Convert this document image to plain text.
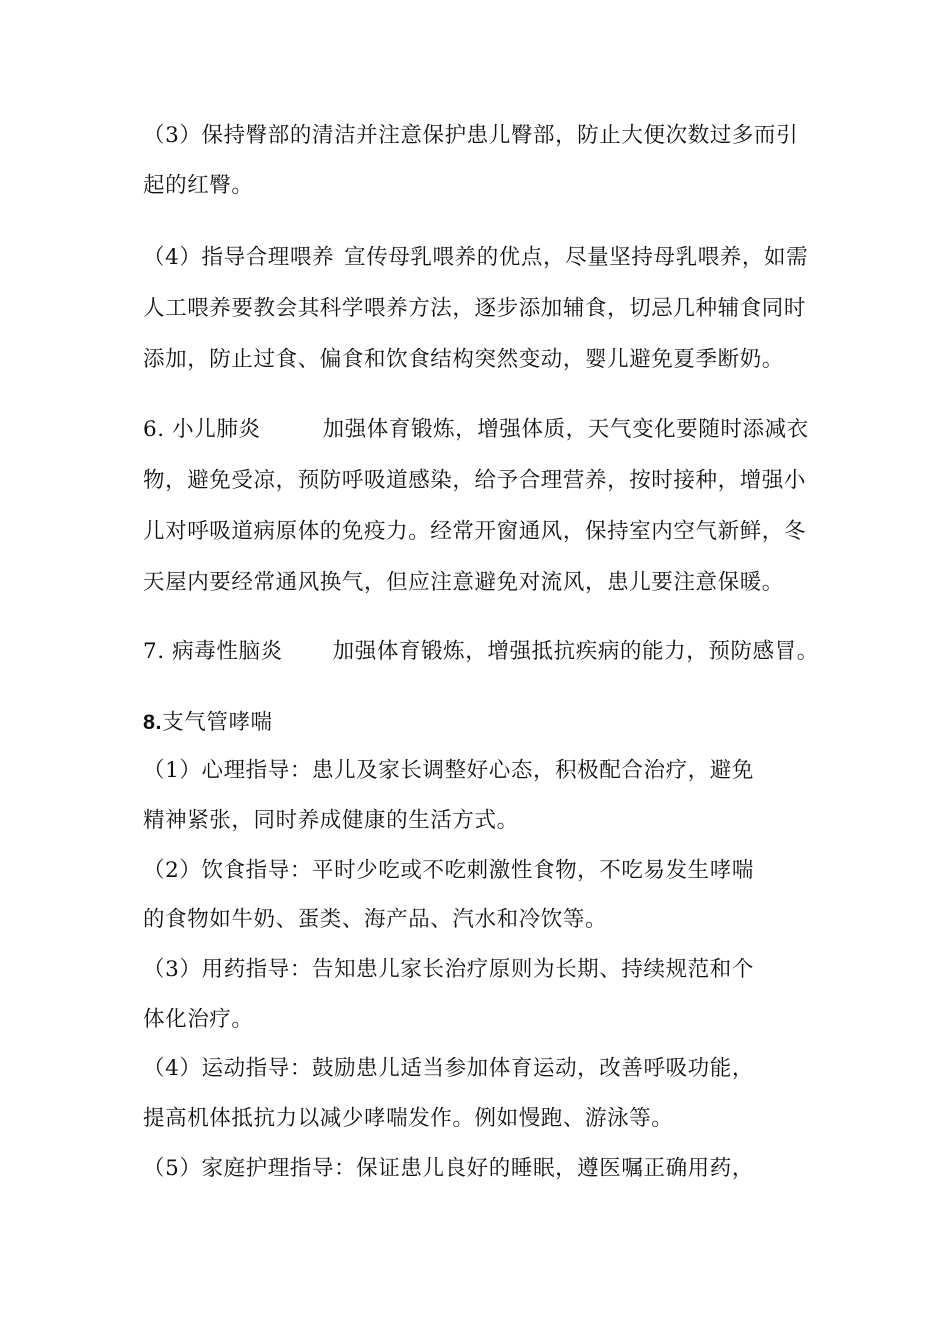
（3）保持臀部的清洁并注意保护患儿臀部，防止大便次数过多而引
起的红臀。
（4）指导合理喂养 宣传母乳喂养的优点，尽量坚持母乳喂养，如需
人工喂养要教会其科学喂养方法，逐步添加辅食，切忌几种辅食同时
添加，防止过食、偏食和饮食结构突然变动，婴儿避免夏季断奶。
6. 小儿肺炎	加强体育锻炼，增强体质，天气变化要随时添减衣
物，避免受凉，预防呼吸道感染，给予合理营养，按时接种，增强小
儿对呼吸道病原体的免疫力。经常开窗通风，保持室内空气新鲜，冬
天屋内要经常通风换气，但应注意避免对流风，患儿要注意保暖。
7. 病毒性脑炎 加强体育锻炼，增强抵抗疾病的能力，预防感冒。
8.支气管哮喘
（1）心理指导：患儿及家长调整好心态，积极配合治疗，避免
精神紧张，同时养成健康的生活方式。
（2）饮食指导：平时少吃或不吃刺激性食物，不吃易发生哮喘
的食物如牛奶、蛋类、海产品、汽水和冷饮等。
（3）用药指导：告知患儿家长治疗原则为长期、持续规范和个
体化治疗。
（4）运动指导：鼓励患儿适当参加体育运动，改善呼吸功能，
提高机体抵抗力以减少哮喘发作。例如慢跑、游泳等。
（5）家庭护理指导：保证患儿良好的睡眠，遵医嘱正确用药，
